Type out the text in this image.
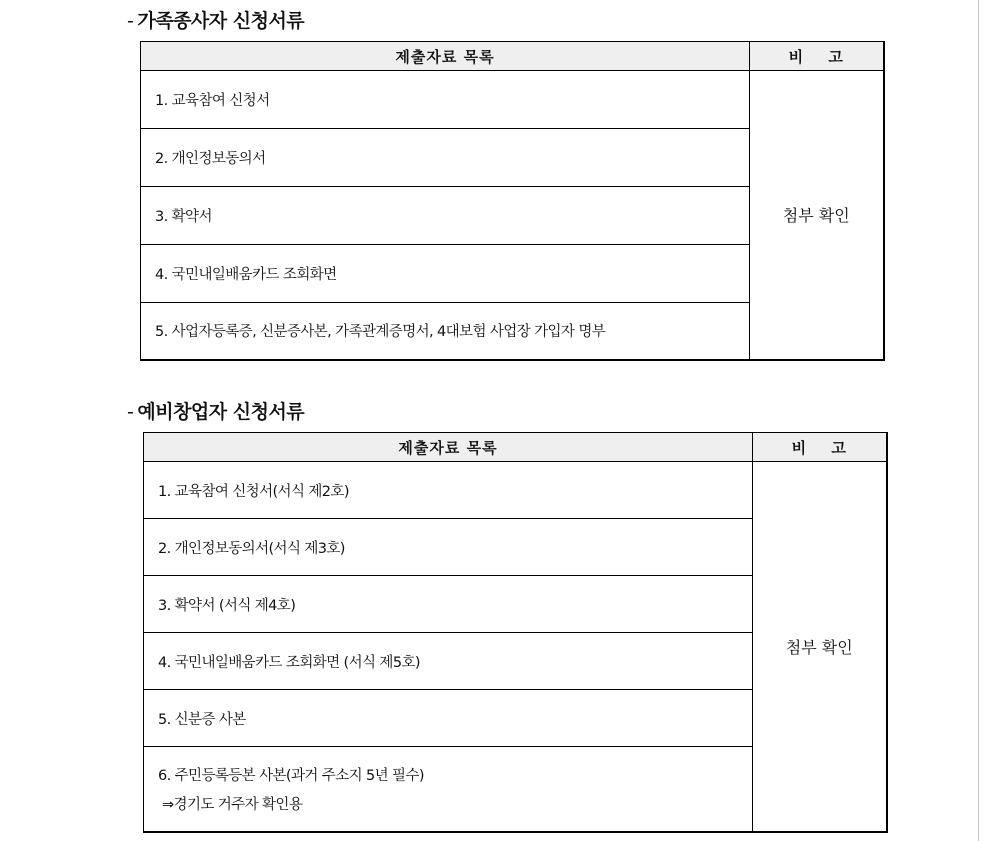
- 가족종사자 신청서류
제출자료 목록	비 고
1. 교육참여 신청서	첨부 확인
2. 개인정보동의서	
3. 확약서	
4. 국민내일배움카드 조회화면	
5. 사업자등록증, 신분증사본, 가족관계증명서, 4대보험 사업장 가입자 명부	
- 예비창업자 신청서류
제출자료 목록	비 고
1. 교육참여 신청서(서식 제2호)	첨부 확인
2. 개인정보동의서(서식 제3호)	
3. 확약서 (서식 제4호)	
4. 국민내일배움카드 조회화면 (서식 제5호)	
5. 신분증 사본	
6. 주민등록등본 사본(과거 주소지 5년 필수)
⇒경기도 거주자 확인용	
